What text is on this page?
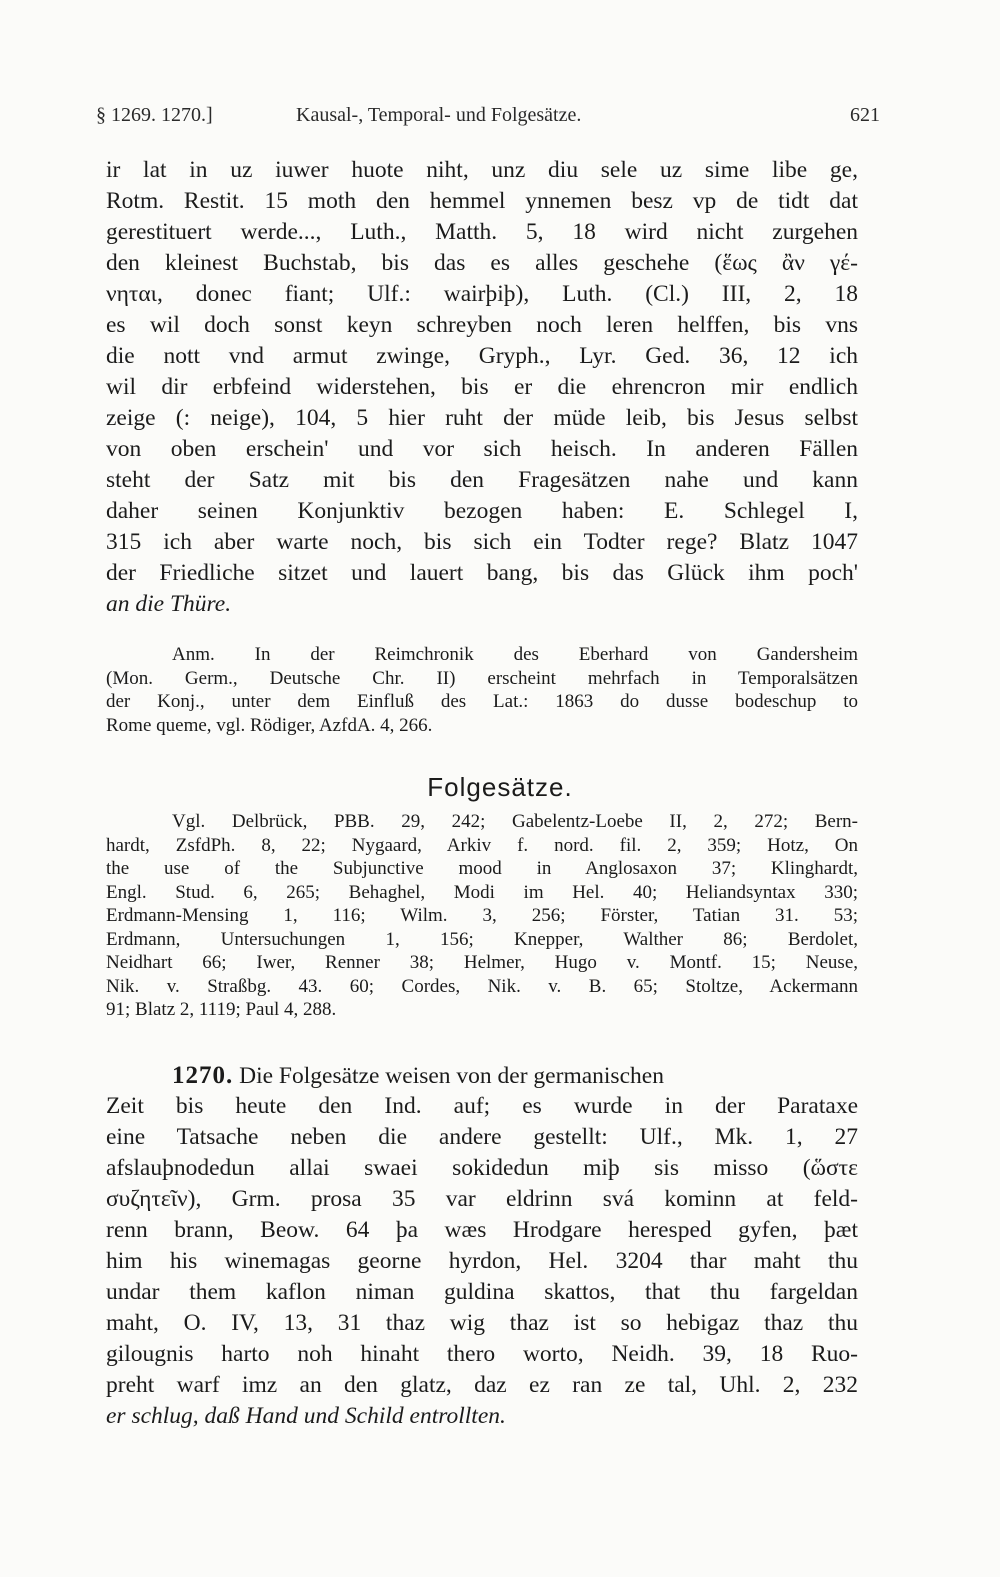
§ 1269. 1270.]	Kausal-, Temporal- und Folgesätze.	621
ir lat in uz iuwer huote niht, unz diu sele uz sime libe ge,
Rotm. Restit. 15 moth den hemmel ynnemen besz vp de tidt dat
gerestituert werde..., Luth., Matth. 5, 18 wird nicht zurgehen
den kleinest Buchstab, bis das es alles geschehe (ἕως ἂν γέ-
νηται, donec fiant; Ulf.: wairþiþ), Luth. (Cl.) III, 2, 18
es wil doch sonst keyn schreyben noch leren helffen, bis vns
die nott vnd armut zwinge, Gryph., Lyr. Ged. 36, 12 ich
wil dir erbfeind widerstehen, bis er die ehrencron mir endlich
zeige (: neige), 104, 5 hier ruht der müde leib, bis Jesus selbst
von oben erschein' und vor sich heisch. In anderen Fällen
steht der Satz mit bis den Fragesätzen nahe und kann
daher seinen Konjunktiv bezogen haben: E. Schlegel I,
315 ich aber warte noch, bis sich ein Todter rege? Blatz 1047
der Friedliche sitzet und lauert bang, bis das Glück ihm poch'
an die Thüre.
Anm. In der Reimchronik des Eberhard von Gandersheim
(Mon. Germ., Deutsche Chr. II) erscheint mehrfach in Temporalsätzen
der Konj., unter dem Einfluß des Lat.: 1863 do dusse bodeschup to
Rome queme, vgl. Rödiger, AzfdA. 4, 266.
Folgesätze.
Vgl. Delbrück, PBB. 29, 242; Gabelentz-Loebe II, 2, 272; Bern-
hardt, ZsfdPh. 8, 22; Nygaard, Arkiv f. nord. fil. 2, 359; Hotz, On
the use of the Subjunctive mood in Anglosaxon 37; Klinghardt,
Engl. Stud. 6, 265; Behaghel, Modi im Hel. 40; Heliandsyntax 330;
Erdmann-Mensing 1, 116; Wilm. 3, 256; Förster, Tatian 31. 53;
Erdmann, Untersuchungen 1, 156; Knepper, Walther 86; Berdolet,
Neidhart 66; Iwer, Renner 38; Helmer, Hugo v. Montf. 15; Neuse,
Nik. v. Straßbg. 43. 60; Cordes, Nik. v. B. 65; Stoltze, Ackermann
91; Blatz 2, 1119; Paul 4, 288.
1270. Die Folgesätze weisen von der germanischen
Zeit bis heute den Ind. auf; es wurde in der Parataxe
eine Tatsache neben die andere gestellt: Ulf., Mk. 1, 27
afslauþnodedun allai swaei sokidedun miþ sis misso (ὥστε
συζητεῖν), Grm. prosa 35 var eldrinn svá kominn at feld-
renn brann, Beow. 64 þa wæs Hrodgare heresped gyfen, þæt
him his winemagas georne hyrdon, Hel. 3204 thar maht thu
undar them kaflon niman guldina skattos, that thu fargeldan
maht, O. IV, 13, 31 thaz wig thaz ist so hebigaz thaz thu
gilougnis harto noh hinaht thero worto, Neidh. 39, 18 Ruo-
preht warf imz an den glatz, daz ez ran ze tal, Uhl. 2, 232
er schlug, daß Hand und Schild entrollten.
